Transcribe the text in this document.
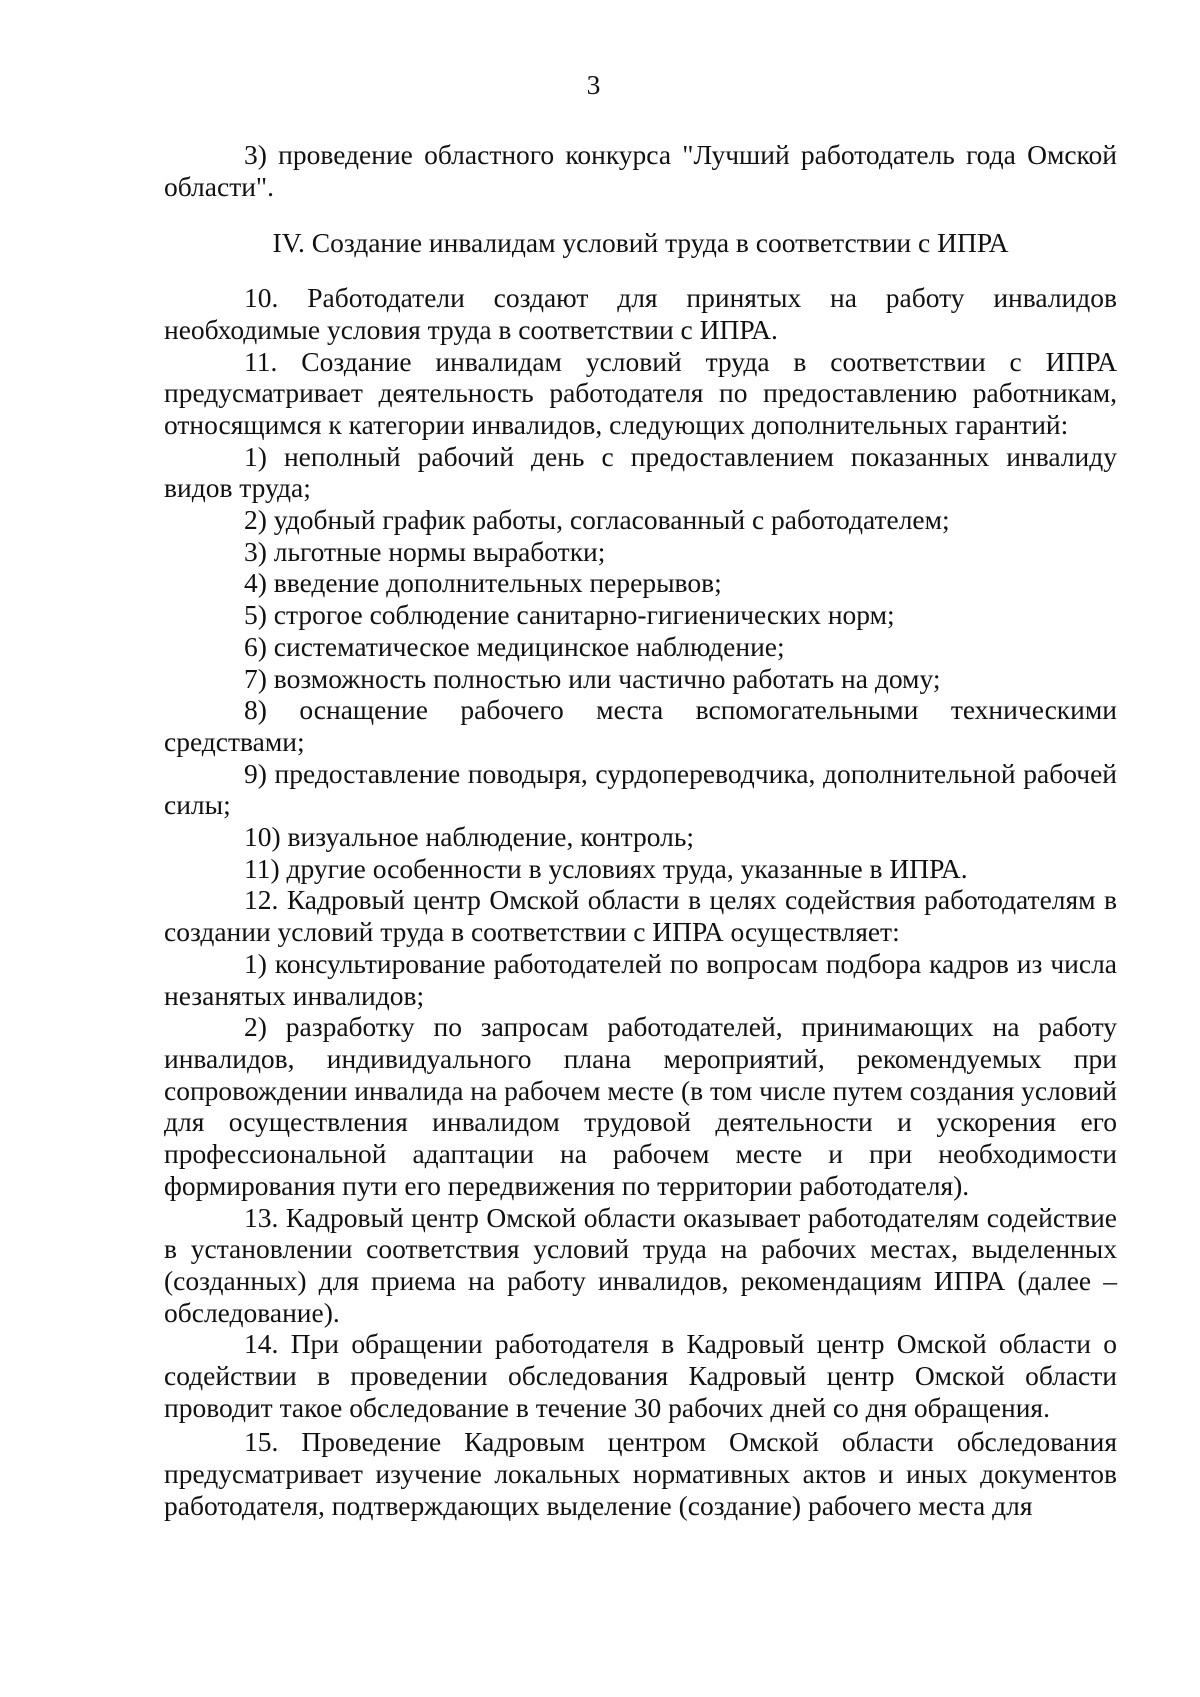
3

3) проведение областного конкурса "Лучший работодатель года Омской области".

IV. Создание инвалидам условий труда в соответствии с ИПРА

10. Работодатели создают для принятых на работу инвалидов необходимые условия труда в соответствии с ИПРА.

11. Создание инвалидам условий труда в соответствии с ИПРА предусматривает деятельность работодателя по предоставлению работникам, относящимся к категории инвалидов, следующих дополнительных гарантий:

1) неполный рабочий день с предоставлением показанных инвалиду видов труда;

2) удобный график работы, согласованный с работодателем;

3) льготные нормы выработки;

4) введение дополнительных перерывов;

5) строгое соблюдение санитарно-гигиенических норм;

6) систематическое медицинское наблюдение;

7) возможность полностью или частично работать на дому;

8) оснащение рабочего места вспомогательными техническими средствами;

9) предоставление поводыря, сурдопереводчика, дополнительной рабочей силы;

10) визуальное наблюдение, контроль;

11) другие особенности в условиях труда, указанные в ИПРА.

12. Кадровый центр Омской области в целях содействия работодателям в создании условий труда в соответствии с ИПРА осуществляет:

1) консультирование работодателей по вопросам подбора кадров из числа незанятых инвалидов;

2) разработку по запросам работодателей, принимающих на работу инвалидов, индивидуального плана мероприятий, рекомендуемых при сопровождении инвалида на рабочем месте (в том числе путем создания условий для осуществления инвалидом трудовой деятельности и ускорения его профессиональной адаптации на рабочем месте и при необходимости формирования пути его передвижения по территории работодателя).

13. Кадровый центр Омской области оказывает работодателям содействие в установлении соответствия условий труда на рабочих местах, выделенных (созданных) для приема на работу инвалидов, рекомендациям ИПРА (далее – обследование).

14. При обращении работодателя в Кадровый центр Омской области о содействии в проведении обследования Кадровый центр Омской области проводит такое обследование в течение 30 рабочих дней со дня обращения.

15. Проведение Кадровым центром Омской области обследования предусматривает изучение локальных нормативных актов и иных документов работодателя, подтверждающих выделение (создание) рабочего места для
